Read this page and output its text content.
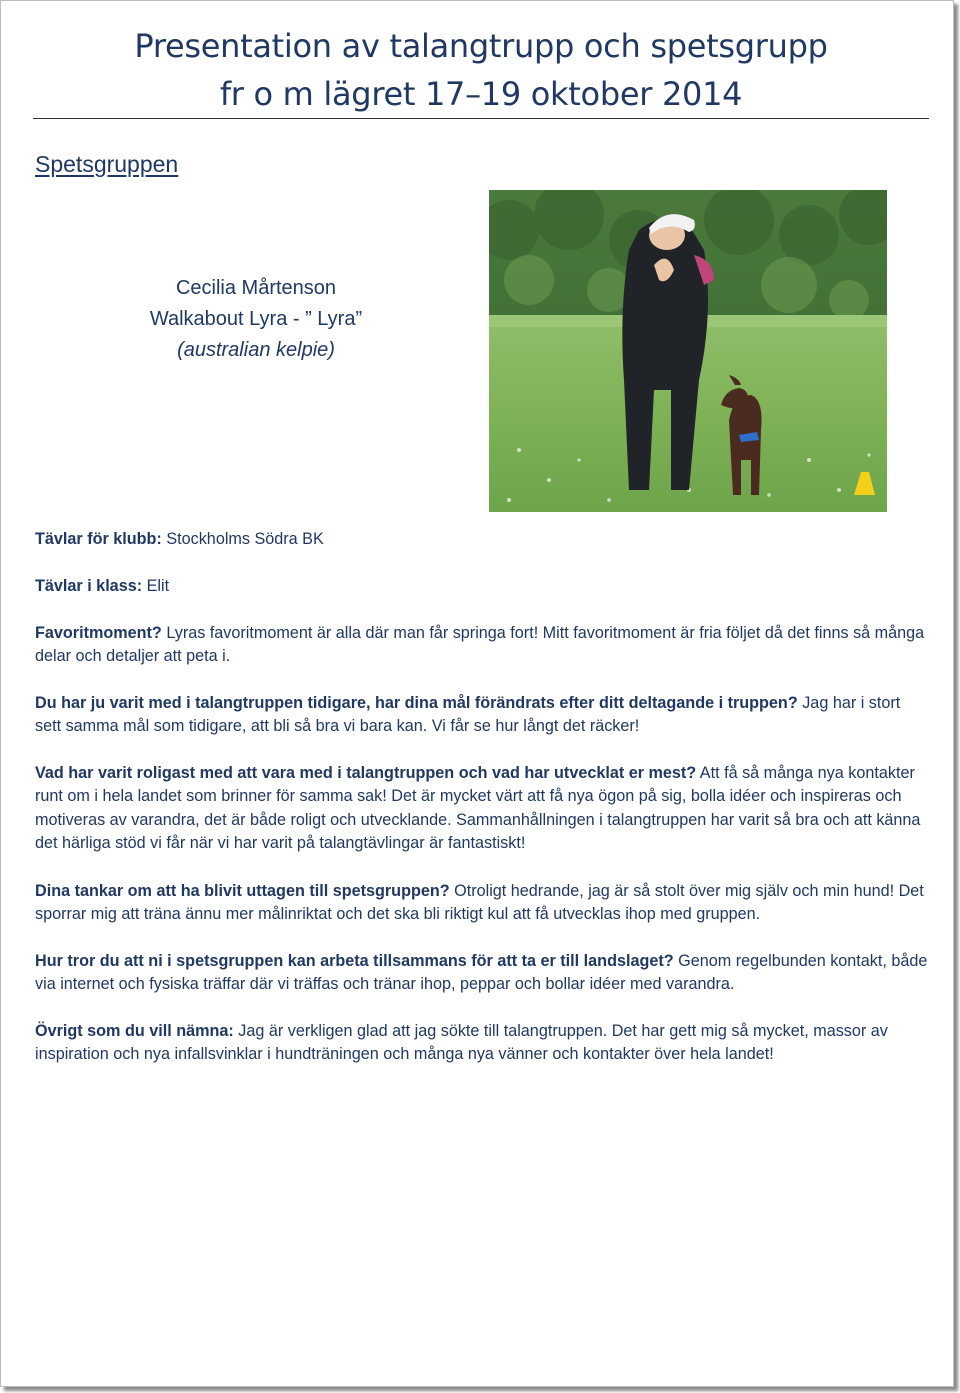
Presentation av talangtrupp och spetsgrupp
fr o m lägret 17–19 oktober 2014
Spetsgruppen
Cecilia Mårtenson
Walkabout Lyra - ” Lyra”
(australian kelpie)
Tävlar för klubb: Stockholms Södra BK
Tävlar i klass: Elit
Favoritmoment? Lyras favoritmoment är alla där man får springa fort! Mitt favoritmoment är fria följet då det finns så många delar och detaljer att peta i.
Du har ju varit med i talangtruppen tidigare, har dina mål förändrats efter ditt deltagande i truppen? Jag har i stort sett samma mål som tidigare, att bli så bra vi bara kan. Vi får se hur långt det räcker!
Vad har varit roligast med att vara med i talangtruppen och vad har utvecklat er mest? Att få så många nya kontakter runt om i hela landet som brinner för samma sak! Det är mycket värt att få nya ögon på sig, bolla idéer och inspireras och motiveras av varandra, det är både roligt och utvecklande. Sammanhållningen i talangtruppen har varit så bra och att känna det härliga stöd vi får när vi har varit på talangtävlingar är fantastiskt!
Dina tankar om att ha blivit uttagen till spetsgruppen? Otroligt hedrande, jag är så stolt över mig själv och min hund! Det sporrar mig att träna ännu mer målinriktat och det ska bli riktigt kul att få utvecklas ihop med gruppen.
Hur tror du att ni i spetsgruppen kan arbeta tillsammans för att ta er till landslaget? Genom regelbunden kontakt, både via internet och fysiska träffar där vi träffas och tränar ihop, peppar och bollar idéer med varandra.
Övrigt som du vill nämna: Jag är verkligen glad att jag sökte till talangtruppen. Det har gett mig så mycket, massor av inspiration och nya infallsvinklar i hundträningen och många nya vänner och kontakter över hela landet!
